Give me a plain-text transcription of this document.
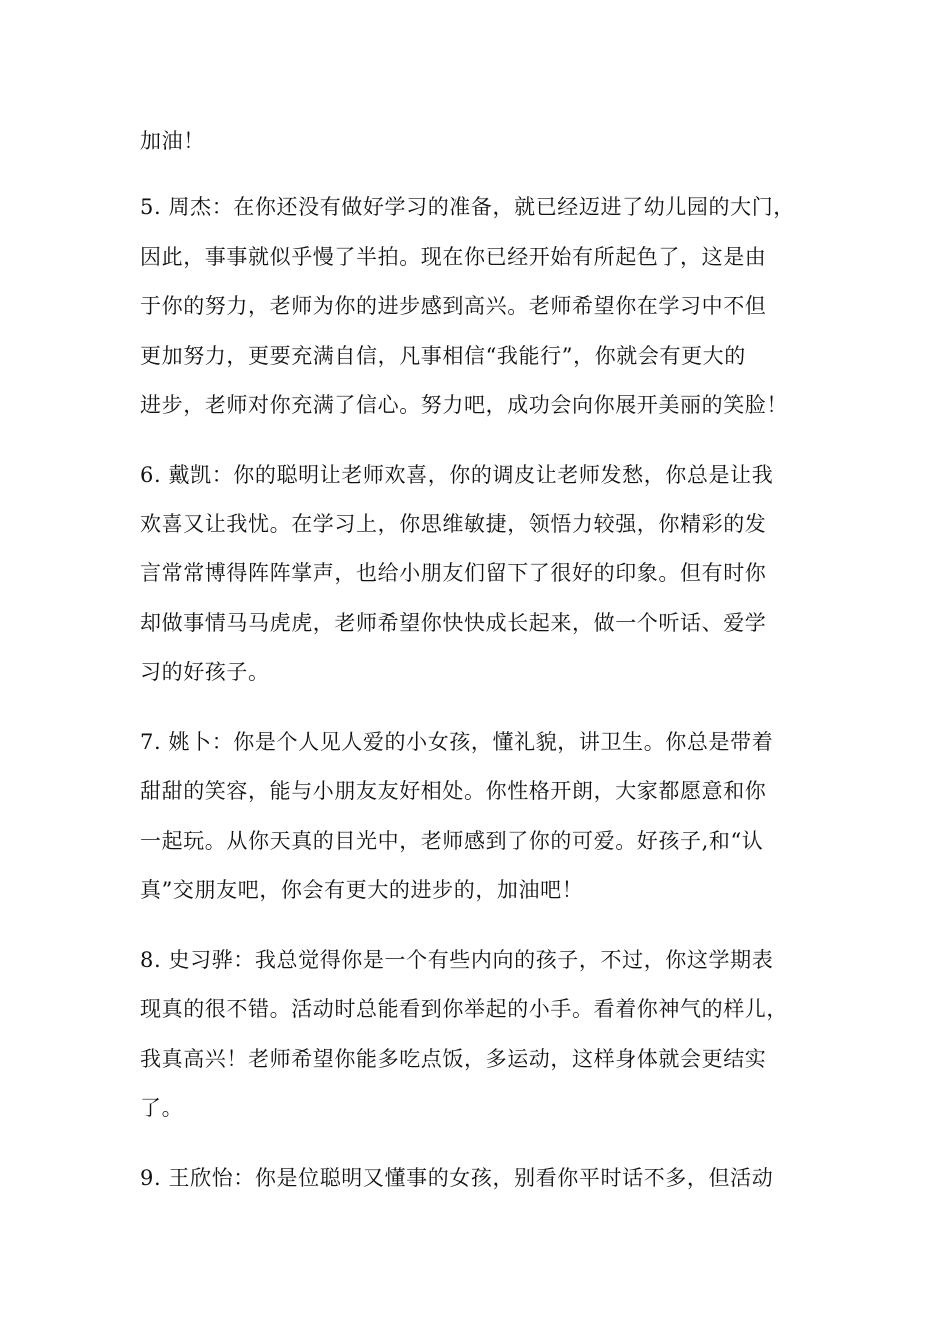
加油！
5. 周杰：在你还没有做好学习的准备，就已经迈进了幼儿园的大门，
因此，事事就似乎慢了半拍。现在你已经开始有所起色了，这是由
于你的努力，老师为你的进步感到高兴。老师希望你在学习中不但
更加努力，更要充满自信，凡事相信“我能行”，你就会有更大的
进步，老师对你充满了信心。努力吧，成功会向你展开美丽的笑脸！
6. 戴凯：你的聪明让老师欢喜，你的调皮让老师发愁，你总是让我
欢喜又让我忧。在学习上，你思维敏捷，领悟力较强，你精彩的发
言常常博得阵阵掌声，也给小朋友们留下了很好的印象。但有时你
却做事情马马虎虎，老师希望你快快成长起来，做一个听话、爱学
习的好孩子。
7. 姚卜：你是个人见人爱的小女孩，懂礼貌，讲卫生。你总是带着
甜甜的笑容，能与小朋友友好相处。你性格开朗，大家都愿意和你
一起玩。从你天真的目光中，老师感到了你的可爱。好孩子,和“认
真”交朋友吧，你会有更大的进步的，加油吧！
8. 史习骅：我总觉得你是一个有些内向的孩子，不过，你这学期表
现真的很不错。活动时总能看到你举起的小手。看着你神气的样儿，
我真高兴！老师希望你能多吃点饭，多运动，这样身体就会更结实
了。
9. 王欣怡：你是位聪明又懂事的女孩，别看你平时话不多，但活动
